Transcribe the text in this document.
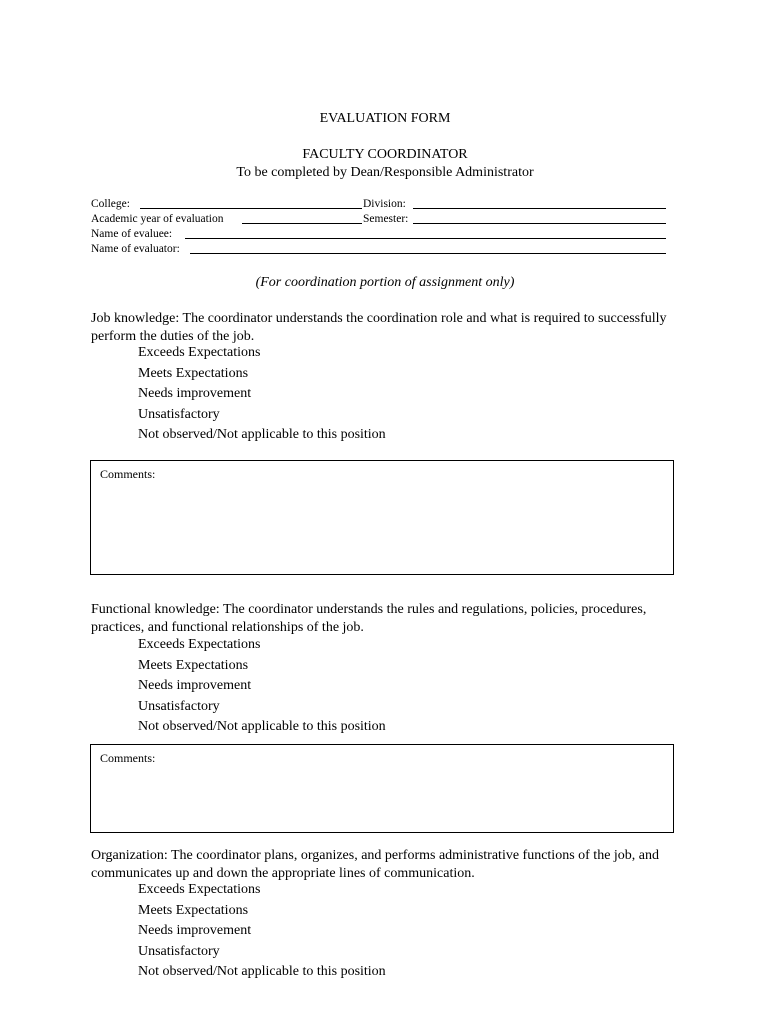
EVALUATION FORM
FACULTY COORDINATOR
To be completed by Dean/Responsible Administrator
College:	Division:
Academic year of evaluation	Semester:
Name of evaluee:
Name of evaluator:
(For coordination portion of assignment only)
Job knowledge: The coordinator understands the coordination role and what is required to successfully perform the duties of the job.
Exceeds Expectations
Meets Expectations
Needs improvement
Unsatisfactory
Not observed/Not applicable to this position
Comments:
Functional knowledge: The coordinator understands the rules and regulations, policies, procedures, practices, and functional relationships of the job.
Exceeds Expectations
Meets Expectations
Needs improvement
Unsatisfactory
Not observed/Not applicable to this position
Comments:
Organization: The coordinator plans, organizes, and performs administrative functions of the job, and communicates up and down the appropriate lines of communication.
Exceeds Expectations
Meets Expectations
Needs improvement
Unsatisfactory
Not observed/Not applicable to this position
